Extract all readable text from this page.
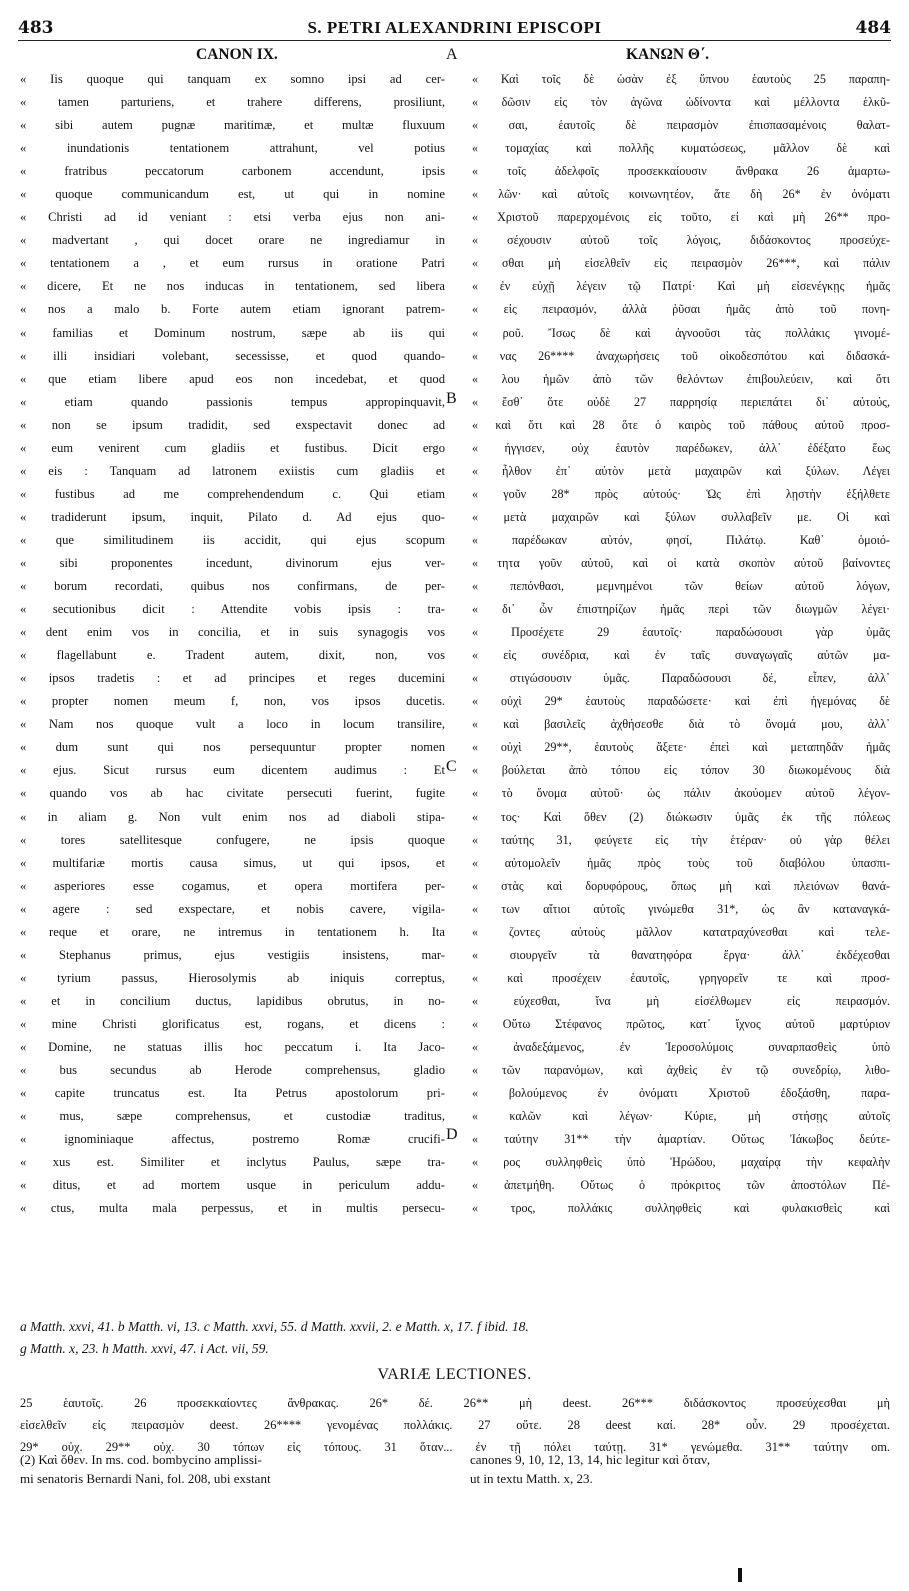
483	S. PETRI ALEXANDRINI EPISCOPI	484
CANON IX.	ΚΑΝΩΝ Θ΄.
A
B
C
D
« Iis quoque qui tanquam ex somno ipsi ad cer-
« tamen parturiens, et trahere differens, prosiliunt,
« sibi autem pugnæ maritimæ, et multæ fluxuum
« inundationis tentationem attrahunt, vel potius
« fratribus peccatorum carbonem accendunt, ipsis
« quoque communicandum est, ut qui in nomine
« Christi ad id veniant : etsi verba ejus non ani-
« madvertant , qui docet orare ne ingrediamur in
« tentationem a , et eum rursus in oratione Patri
« dicere, Et ne nos inducas in tentationem, sed libera
« nos a malo b. Forte autem etiam ignorant patrem-
« familias et Dominum nostrum, sæpe ab iis qui
« illi insidiari volebant, secessisse, et quod quando-
« que etiam libere apud eos non incedebat, et quod
« etiam quando passionis tempus appropinquavit,
« non se ipsum tradidit, sed exspectavit donec ad
« eum venirent cum gladiis et fustibus. Dicit ergo
« eis : Tanquam ad latronem exiistis cum gladiis et
« fustibus ad me comprehendendum c. Qui etiam
« tradiderunt ipsum, inquit, Pilato d. Ad ejus quo-
« que similitudinem iis accidit, qui ejus scopum
« sibi proponentes incedunt, divinorum ejus ver-
« borum recordati, quibus nos confirmans, de per-
« secutionibus dicit : Attendite vobis ipsis : tra-
« dent enim vos in concilia, et in suis synagogis vos
« flagellabunt e. Tradent autem, dixit, non, vos
« ipsos tradetis : et ad principes et reges ducemini
« propter nomen meum f, non, vos ipsos ducetis.
« Nam nos quoque vult a loco in locum transilire,
« dum sunt qui nos persequuntur propter nomen
« ejus. Sicut rursus eum dicentem audimus : Et
« quando vos ab hac civitate persecuti fuerint, fugite
« in aliam g. Non vult enim nos ad diaboli stipa-
« tores satellitesque confugere, ne ipsis quoque
« multifariæ mortis causa simus, ut qui ipsos, et
« asperiores esse cogamus, et opera mortifera per-
« agere : sed exspectare, et nobis cavere, vigila-
« reque et orare, ne intremus in tentationem h. Ita
« Stephanus primus, ejus vestigiis insistens, mar-
« tyrium passus, Hierosolymis ab iniquis correptus,
« et in concilium ductus, lapidibus obrutus, in no-
« mine Christi glorificatus est, rogans, et dicens :
« Domine, ne statuas illis hoc peccatum i. Ita Jaco-
« bus secundus ab Herode comprehensus, gladio
« capite truncatus est. Ita Petrus apostolorum pri-
« mus, sæpe comprehensus, et custodiæ traditus,
« ignominiaque affectus, postremo Romæ crucifi-
« xus est. Similiter et inclytus Paulus, sæpe tra-
« ditus, et ad mortem usque in periculum addu-
« ctus, multa mala perpessus, et in multis persecu-
« Καὶ τοῖς δὲ ὡσὰν ἐξ ὕπνου ἑαυτοὺς 25 παραπη-
« δῶσιν εἰς τὸν ἀγῶνα ὠδίνοντα καὶ μέλλοντα ἑλκῦ-
« σαι, ἑαυτοῖς δὲ πειρασμὸν ἐπισπασαμένοις θαλατ-
« τομαχίας καὶ πολλῆς κυματώσεως, μᾶλλον δὲ καὶ
« τοῖς ἀδελφοῖς προσεκκαίουσιν ἄνθρακα 26 ἁμαρτω-
« λῶν· καὶ αὐτοῖς κοινωνητέον, ἅτε δὴ 26* ἐν ὀνόματι
« Χριστοῦ παρερχομένοις εἰς τοῦτο, εἰ καὶ μὴ 26** προ-
« σέχουσιν αὐτοῦ τοῖς λόγοις, διδάσκοντος προσεύχε-
« σθαι μὴ εἰσελθεῖν εἰς πειρασμὸν 26***, καὶ πάλιν
« ἐν εὐχῇ λέγειν τῷ Πατρί· Καὶ μὴ εἰσενέγκῃς ἡμᾶς
« εἰς πειρασμόν, ἀλλὰ ῥῦσαι ἡμᾶς ἀπὸ τοῦ πονη-
« ροῦ. Ἴσως δὲ καὶ ἀγνοοῦσι τὰς πολλάκις γινομέ-
« νας 26**** ἀναχωρήσεις τοῦ οἰκοδεσπότου καὶ διδασκά-
« λου ἡμῶν ἀπὸ τῶν θελόντων ἐπιβουλεύειν, καὶ ὅτι
« ἔσθ᾿ ὅτε οὐδὲ 27 παρρησίᾳ περιεπάτει δι᾿ αὐτούς,
« καὶ ὅτι καὶ 28 ὅτε ὁ καιρὸς τοῦ πάθους αὐτοῦ προσ-
« ήγγισεν, οὐχ ἑαυτὸν παρέδωκεν, ἀλλ᾿ ἐδέξατο ἕως
« ἦλθον ἐπ᾿ αὐτὸν μετὰ μαχαιρῶν καὶ ξύλων. Λέγει
« γοῦν 28* πρὸς αὐτούς· Ὡς ἐπὶ λῃστὴν ἐξήλθετε
« μετὰ μαχαιρῶν καὶ ξύλων συλλαβεῖν με. Οἱ καὶ
« παρέδωκαν αὐτόν, φησί, Πιλάτῳ. Καθ᾿ ὁμοιό-
« τητα γοῦν αὐτοῦ, καὶ οἱ κατὰ σκοπὸν αὐτοῦ βαίνοντες
« πεπόνθασι, μεμνημένοι τῶν θείων αὐτοῦ λόγων,
« δι᾿ ὧν ἐπιστηρίζων ἡμᾶς περὶ τῶν διωγμῶν λέγει·
« Προσέχετε 29 ἑαυτοῖς· παραδώσουσι γὰρ ὑμᾶς
« εἰς συνέδρια, καὶ ἐν ταῖς συναγωγαῖς αὐτῶν μα-
« στιγώσουσιν ὑμᾶς. Παραδώσουσι δέ, εἶπεν, ἀλλ᾿
« οὐχὶ 29* ἑαυτοὺς παραδώσετε· καὶ ἐπὶ ἡγεμόνας δὲ
« καὶ βασιλεῖς ἀχθήσεσθε διὰ τὸ ὄνομά μου, ἀλλ᾿
« οὐχὶ 29**, ἑαυτοὺς ἄξετε· ἐπεὶ καὶ μεταπηδᾶν ἡμᾶς
« βούλεται ἀπὸ τόπου εἰς τόπον 30 διωκομένους διὰ
« τὸ ὄνομα αὐτοῦ· ὡς πάλιν ἀκούομεν αὐτοῦ λέγον-
« τος· Καὶ ὅθεν (2) διώκωσιν ὑμᾶς ἐκ τῆς πόλεως
« ταύτης 31, φεύγετε εἰς τὴν ἑτέραν· οὐ γὰρ θέλει
« αὐτομολεῖν ἡμᾶς πρὸς τοὺς τοῦ διαβόλου ὑπασπι-
« στὰς καὶ δορυφόρους, ὅπως μὴ καὶ πλειόνων θανά-
« των αἴτιοι αὐτοῖς γινώμεθα 31*, ὡς ἂν καταναγκά-
« ζοντες αὐτοὺς μᾶλλον κατατραχύνεσθαι καὶ τελε-
« σιουργεῖν τὰ θανατηφόρα ἔργα· ἀλλ᾿ ἐκδέχεσθαι
« καὶ προσέχειν ἑαυτοῖς, γρηγορεῖν τε καὶ προσ-
« εύχεσθαι, ἵνα μὴ εἰσέλθωμεν εἰς πειρασμόν.
« Οὕτω Στέφανος πρῶτος, κατ᾿ ἴχνος αὐτοῦ μαρτύριον
« ἀναδεξάμενος, ἐν Ἱεροσολύμοις συναρπασθεὶς ὑπὸ
« τῶν παρανόμων, καὶ ἀχθεὶς ἐν τῷ συνεδρίῳ, λιθο-
« βολούμενος ἐν ὀνόματι Χριστοῦ ἐδοξάσθη, παρα-
« καλῶν καὶ λέγων· Κύριε, μὴ στήσῃς αὐτοῖς
« ταύτην 31** τὴν ἁμαρτίαν. Οὕτως Ἰάκωβος δεύτε-
« ρος συλληφθεὶς ὑπὸ Ἡρώδου, μαχαίρᾳ τὴν κεφαλὴν
« ἀπετμήθη. Οὕτως ὁ πρόκριτος τῶν ἀποστόλων Πέ-
« τρος, πολλάκις συλληφθεὶς καὶ φυλακισθεὶς καὶ
a Matth. xxvi, 41. b Matth. vi, 13. c Matth. xxvi, 55. d Matth. xxvii, 2. e Matth. x, 17. f ibid. 18.
g Matth. x, 23. h Matth. xxvi, 47. i Act. vii, 59.
VARIÆ LECTIONES.
25 ἑαυτοῖς. 26 προσεκκαίοντες ἄνθρακας. 26* δέ. 26** μὴ deest. 26*** διδάσκοντος προσεύχεσθαι μὴ
εἰσελθεῖν εἰς πειρασμὸν deest. 26**** γενομένας πολλάκις. 27 οὔτε. 28 deest καί. 28* οὖν. 29 προσέχεται.
29* οὐχ. 29** οὐχ. 30 τόπων εἰς τόπους. 31 ὅταν... ἐν τῇ πόλει ταύτῃ. 31* γενώμεθα. 31** ταύτην om.
(2) Καὶ ὅθεν. In ms. cod. bombycino amplissi-
mi senatoris Bernardi Nani, fol. 208, ubi exstant
canones 9, 10, 12, 13, 14, hic legitur καὶ ὅταν,
ut in textu Matth. x, 23.
